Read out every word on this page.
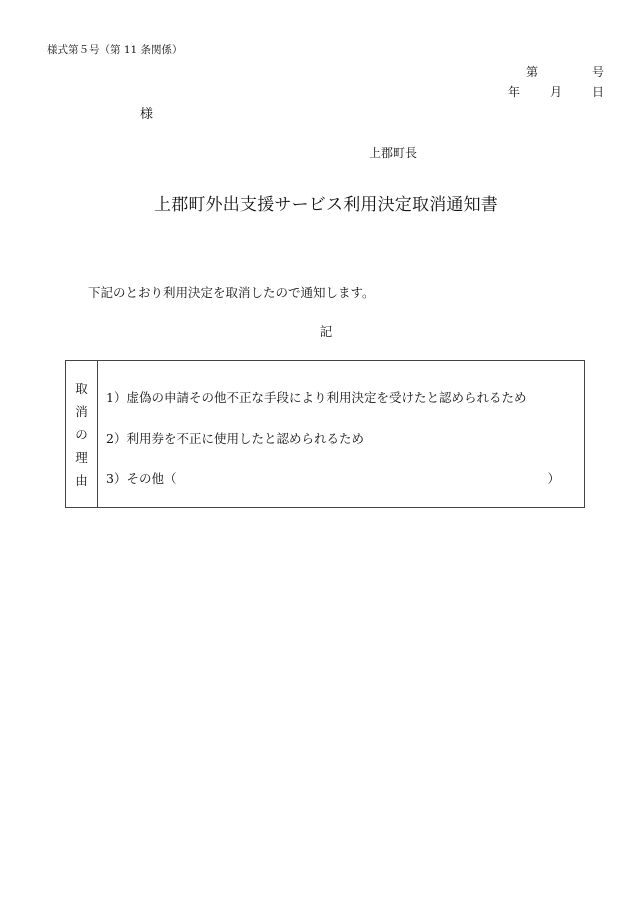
様式第５号（第 11 条関係）
第	号
年	月	日
様
上郡町長
上郡町外出支援サービス利用決定取消通知書
下記のとおり利用決定を取消したので通知します。
記
取
消
の
理
由
1）虚偽の申請その他不正な手段により利用決定を受けたと認められるため
2）利用券を不正に使用したと認められるため
3）その他（	）
